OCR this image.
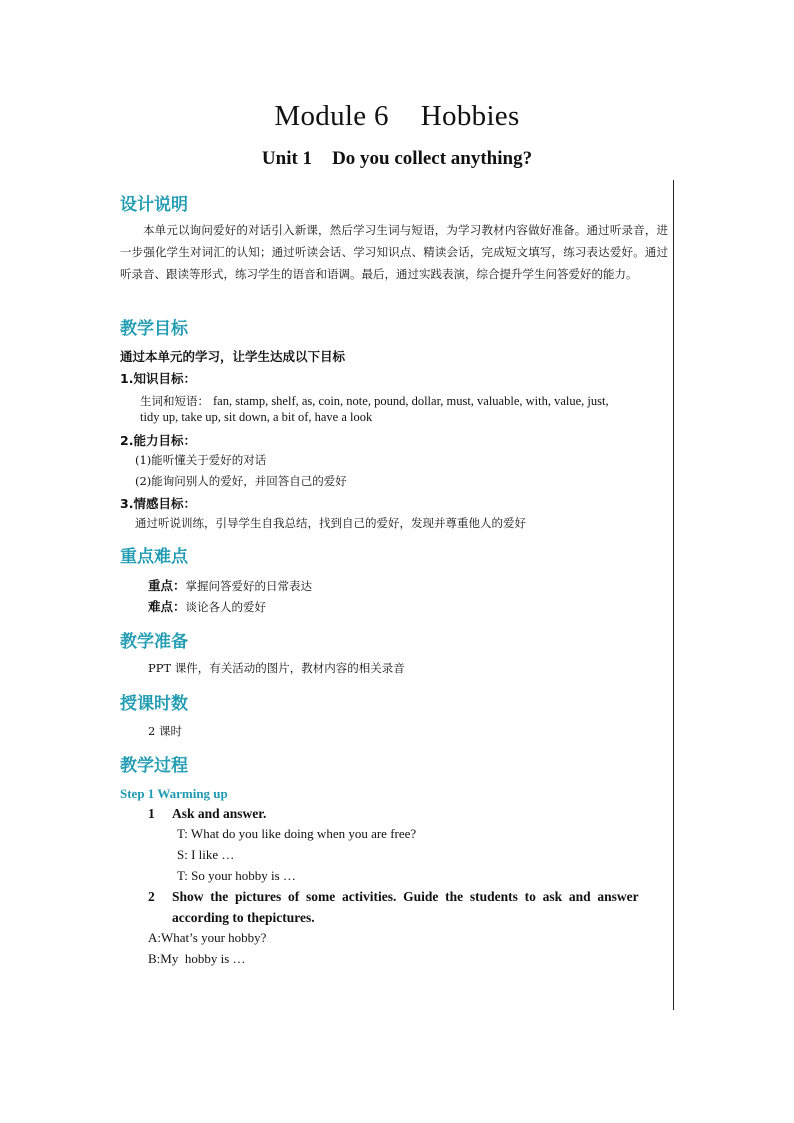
Module 6 Hobbies
Unit 1 Do you collect anything?
设计说明
本单元以询问爱好的对话引入新课，然后学习生词与短语，为学习教材内容做好准备。通过听录音，进一步强化学生对词汇的认知；通过听读会话、学习知识点、精读会话，完成短文填写，练习表达爱好。通过听录音、跟读等形式，练习学生的语音和语调。最后，通过实践表演，综合提升学生问答爱好的能力。
教学目标
通过本单元的学习，让学生达成以下目标
1.知识目标：
生词和短语： fan, stamp, shelf, as, coin, note, pound, dollar, must, valuable, with, value, just,
tidy up, take up, sit down, a bit of, have a look
2.能力目标：
(1)能听懂关于爱好的对话
(2)能询问别人的爱好，并回答自己的爱好
3.情感目标：
通过听说训练，引导学生自我总结，找到自己的爱好，发现并尊重他人的爱好
重点难点
重点：掌握问答爱好的日常表达
难点：谈论各人的爱好
教学准备
PPT 课件，有关活动的图片，教材内容的相关录音
授课时数
2 课时
教学过程
Step 1 Warming up
1 Ask and answer.
T: What do you like doing when you are free?
S: I like …
T: So your hobby is …
2 Show  the  pictures  of  some  activities.  Guide  the  students  to  ask  and  answer
according to thepictures.
A:What’s your hobby?
B:My  hobby is …
